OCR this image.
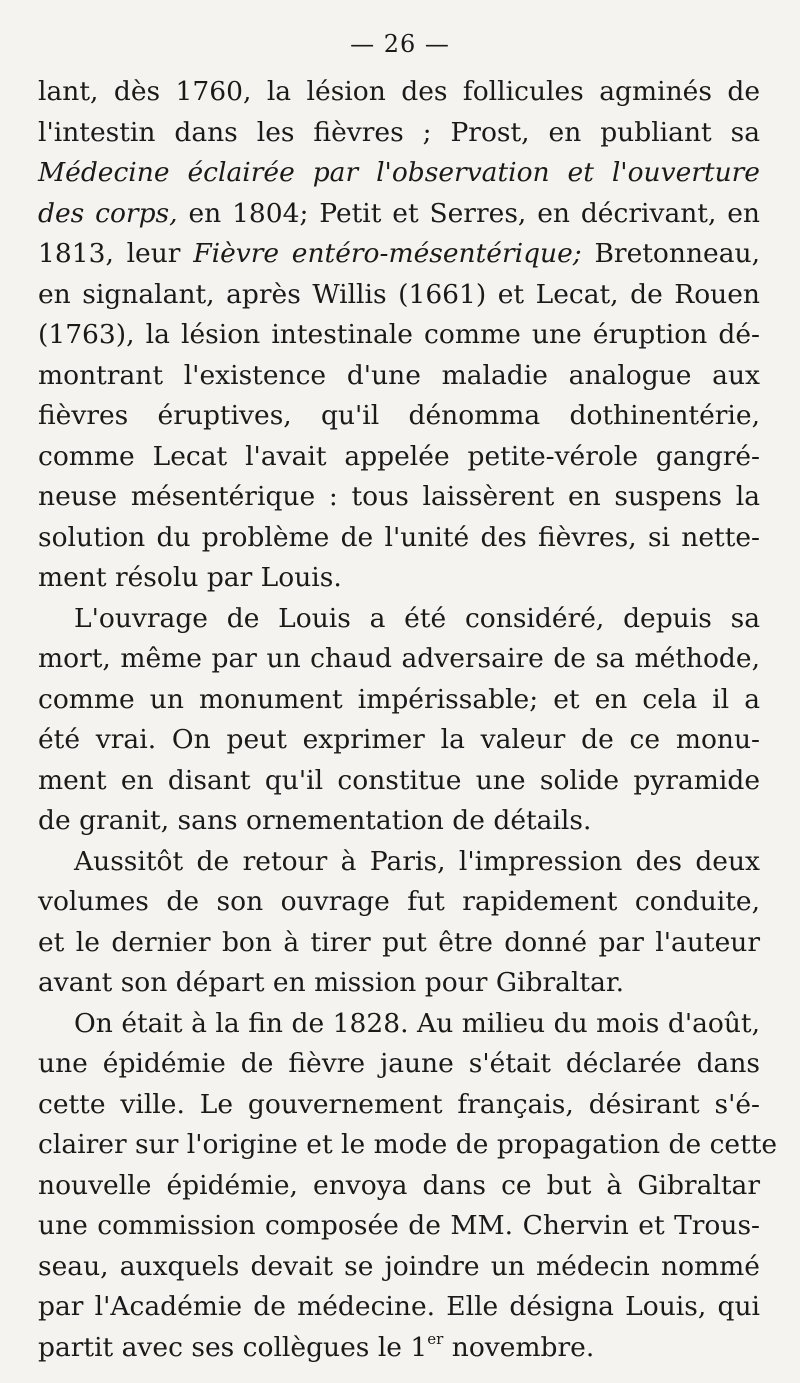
— 26 —
lant, dès 1760, la lésion des follicules agminés de
l'intestin dans les fièvres ; Prost, en publiant sa
Médecine éclairée par l'observation et l'ouverture
des corps, en 1804; Petit et Serres, en décrivant, en
1813, leur Fièvre entéro-mésentérique; Bretonneau,
en signalant, après Willis (1661) et Lecat, de Rouen
(1763), la lésion intestinale comme une éruption dé-
montrant l'existence d'une maladie analogue aux
fièvres éruptives, qu'il dénomma dothinentérie,
comme Lecat l'avait appelée petite-vérole gangré-
neuse mésentérique : tous laissèrent en suspens la
solution du problème de l'unité des fièvres, si nette-
ment résolu par Louis.
L'ouvrage de Louis a été considéré, depuis sa
mort, même par un chaud adversaire de sa méthode,
comme un monument impérissable; et en cela il a
été vrai. On peut exprimer la valeur de ce monu-
ment en disant qu'il constitue une solide pyramide
de granit, sans ornementation de détails.
Aussitôt de retour à Paris, l'impression des deux
volumes de son ouvrage fut rapidement conduite,
et le dernier bon à tirer put être donné par l'auteur
avant son départ en mission pour Gibraltar.
On était à la fin de 1828. Au milieu du mois d'août,
une épidémie de fièvre jaune s'était déclarée dans
cette ville. Le gouvernement français, désirant s'é-
clairer sur l'origine et le mode de propagation de cette
nouvelle épidémie, envoya dans ce but à Gibraltar
une commission composée de MM. Chervin et Trous-
seau, auxquels devait se joindre un médecin nommé
par l'Académie de médecine. Elle désigna Louis, qui
partit avec ses collègues le 1er novembre.
